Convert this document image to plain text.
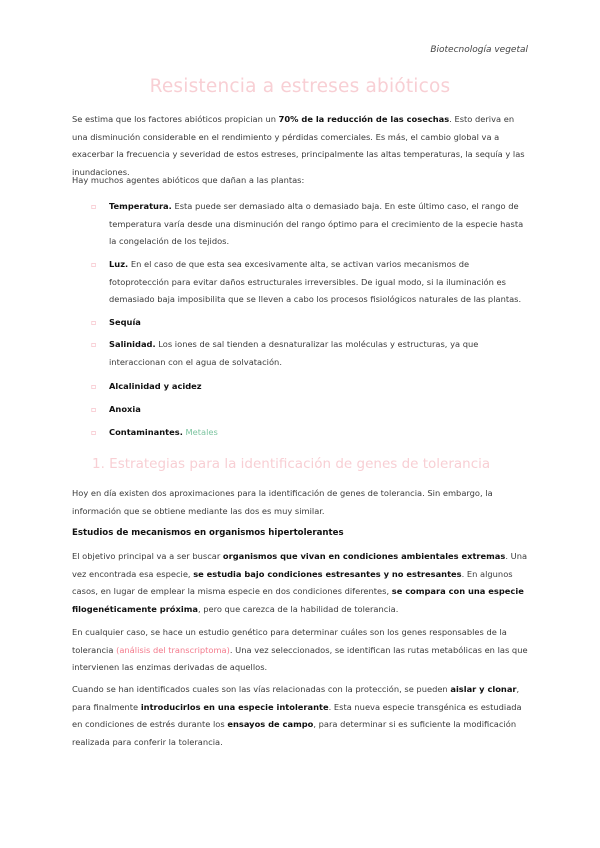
Biotecnología vegetal
Resistencia a estreses abióticos
Se estima que los factores abióticos propician un 70% de la reducción de las cosechas. Esto deriva en una disminución considerable en el rendimiento y pérdidas comerciales. Es más, el cambio global va a exacerbar la frecuencia y severidad de estos estreses, principalmente las altas temperaturas, la sequía y las inundaciones.
Hay muchos agentes abióticos que dañan a las plantas:
▫ Temperatura. Esta puede ser demasiado alta o demasiado baja. En este último caso, el rango de temperatura varía desde una disminución del rango óptimo para el crecimiento de la especie hasta la congelación de los tejidos.
▫ Luz. En el caso de que esta sea excesivamente alta, se activan varios mecanismos de fotoprotección para evitar daños estructurales irreversibles. De igual modo, si la iluminación es demasiado baja imposibilita que se lleven a cabo los procesos fisiológicos naturales de las plantas.
▫ Sequía
▫ Salinidad. Los iones de sal tienden a desnaturalizar las moléculas y estructuras, ya que interaccionan con el agua de solvatación.
▫ Alcalinidad y acidez
▫ Anoxia
▫ Contaminantes. Metales
1. Estrategias para la identificación de genes de tolerancia
Hoy en día existen dos aproximaciones para la identificación de genes de tolerancia. Sin embargo, la información que se obtiene mediante las dos es muy similar.
Estudios de mecanismos en organismos hipertolerantes
El objetivo principal va a ser buscar organismos que vivan en condiciones ambientales extremas. Una vez encontrada esa especie, se estudia bajo condiciones estresantes y no estresantes. En algunos casos, en lugar de emplear la misma especie en dos condiciones diferentes, se compara con una especie filogenéticamente próxima, pero que carezca de la habilidad de tolerancia.
En cualquier caso, se hace un estudio genético para determinar cuáles son los genes responsables de la tolerancia (análisis del transcriptoma). Una vez seleccionados, se identifican las rutas metabólicas en las que intervienen las enzimas derivadas de aquellos.
Cuando se han identificados cuales son las vías relacionadas con la protección, se pueden aislar y clonar, para finalmente introducirlos en una especie intolerante. Esta nueva especie transgénica es estudiada en condiciones de estrés durante los ensayos de campo, para determinar si es suficiente la modificación realizada para conferir la tolerancia.
